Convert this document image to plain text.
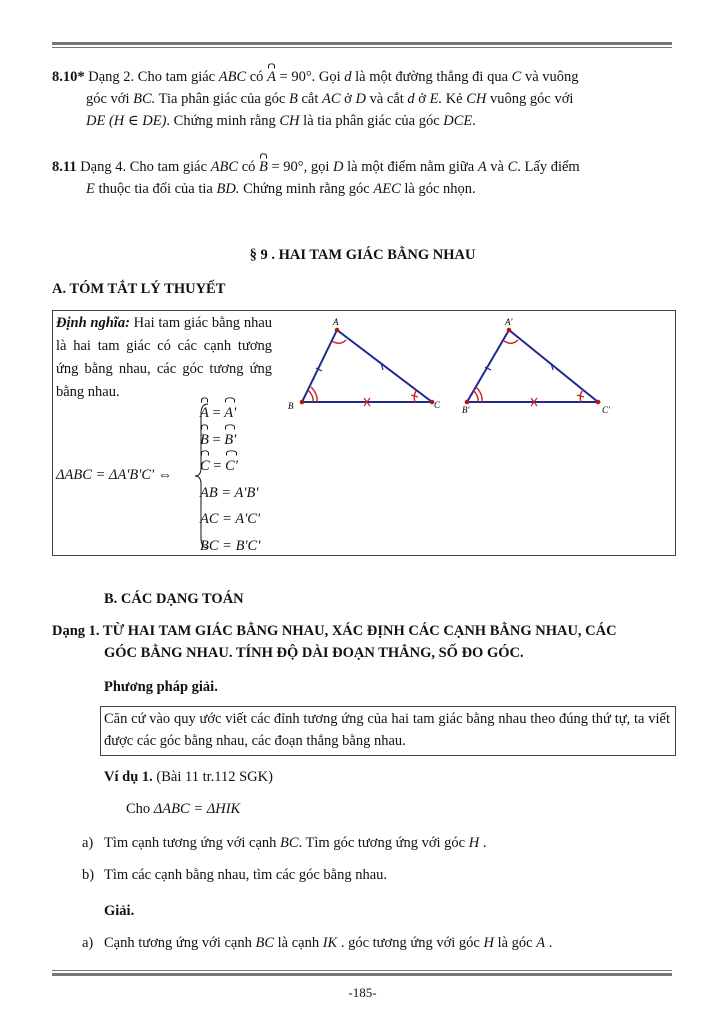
8.10* Dạng 2. Cho tam giác ABC có A = 90°. Gọi d là một đường thẳng đi qua C và vuông
góc với BC. Tia phân giác của góc B cắt AC ở D và cắt d ở E. Kẻ CH vuông góc với
DE (H ∈ DE). Chứng minh rằng CH là tia phân giác của góc DCE.
8.11 Dạng 4. Cho tam giác ABC có B = 90°, gọi D là một điểm nằm giữa A và C. Lấy điểm
E thuộc tia đối của tia BD. Chứng minh rằng góc AEC là góc nhọn.
§ 9 . HAI TAM GIÁC BẰNG NHAU
A. TÓM TẮT LÝ THUYẾT
Định nghĩa: Hai tam giác bằng nhau là hai tam giác có các cạnh tương ứng bằng nhau, các góc tương ứng bằng nhau.
ΔABC = ΔA'B'C' ⇔
A = A'
B = B'
C = C'
AB = A'B'
AC = A'C'
BC = B'C'
A
B	C
A'
B'	C'
B. CÁC DẠNG TOÁN
Dạng 1. TỪ HAI TAM GIÁC BẰNG NHAU, XÁC ĐỊNH CÁC CẠNH BẰNG NHAU, CÁC
GÓC BẰNG NHAU. TÍNH ĐỘ DÀI ĐOẠN THẲNG, SỐ ĐO GÓC.
Phương pháp giải.
Căn cứ vào quy ước viết các đỉnh tương ứng của hai tam giác bằng nhau theo đúng thứ tự, ta viết được các góc bằng nhau, các đoạn thẳng bằng nhau.
Ví dụ 1. (Bài 11 tr.112 SGK)
Cho ΔABC = ΔHIK
a) Tìm cạnh tương ứng với cạnh BC. Tìm góc tương ứng với góc H .
b) Tìm các cạnh bằng nhau, tìm các góc bằng nhau.
Giải.
a) Cạnh tương ứng với cạnh BC là cạnh IK . góc tương ứng với góc H là góc A .
-185-
